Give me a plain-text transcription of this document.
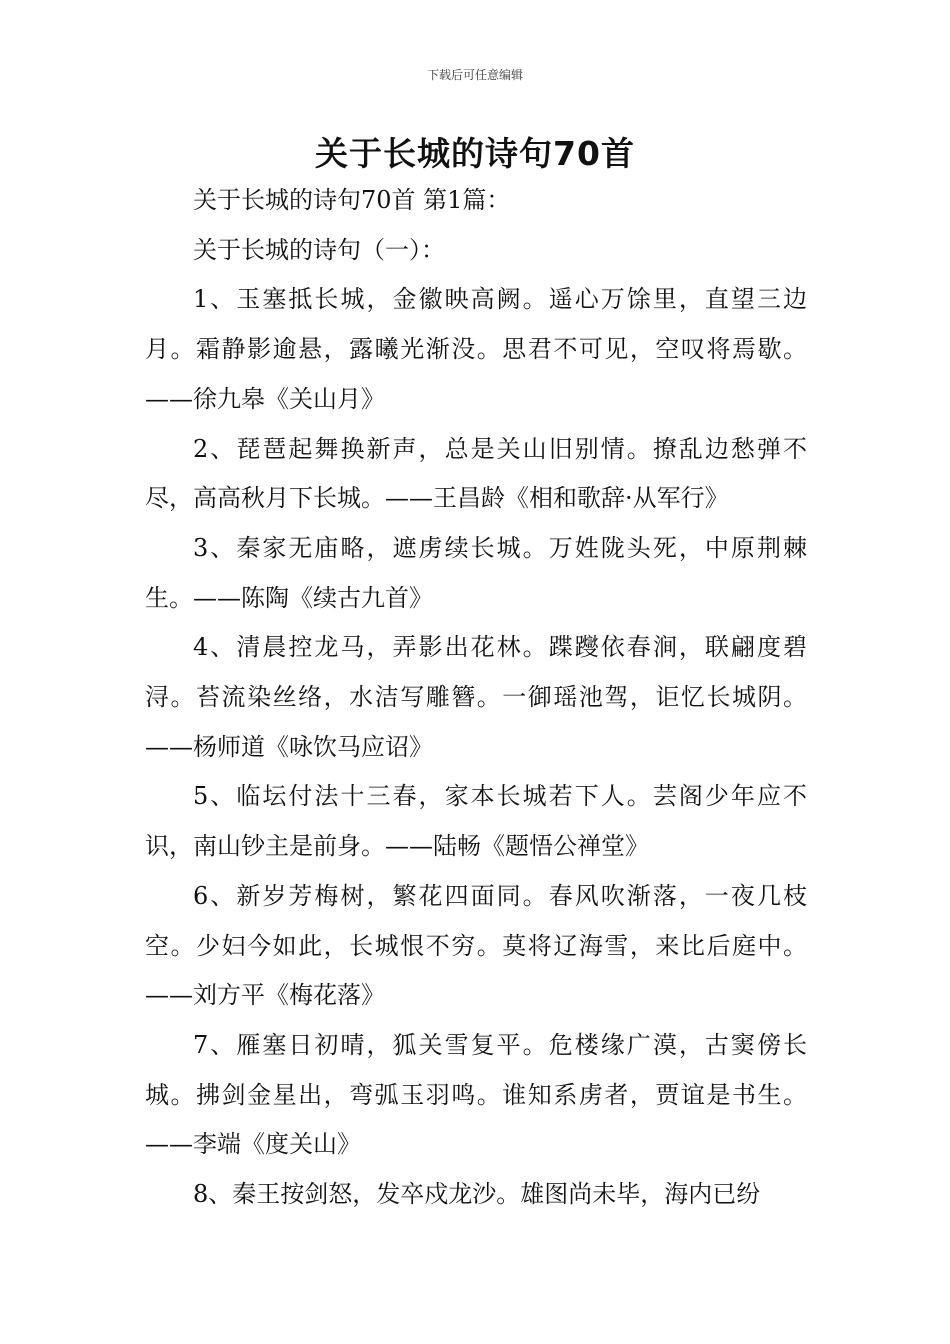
下载后可任意编辑
关于长城的诗句70首

关于长城的诗句70首 第1篇：

关于长城的诗句（一）：

1、玉塞抵长城，金徽映高阙。遥心万馀里，直望三边月。霜静影逾悬，露曦光渐没。思君不可见，空叹将焉歇。——徐九皋《关山月》

2、琵琶起舞换新声，总是关山旧别情。撩乱边愁弹不尽，高高秋月下长城。——王昌龄《相和歌辞·从军行》

3、秦家无庙略，遮虏续长城。万姓陇头死，中原荆棘生。——陈陶《续古九首》

4、清晨控龙马，弄影出花林。蹀躞依春涧，联翩度碧浔。苔流染丝络，水洁写雕簪。一御瑶池驾，讵忆长城阴。——杨师道《咏饮马应诏》

5、临坛付法十三春，家本长城若下人。芸阁少年应不识，南山钞主是前身。——陆畅《题悟公禅堂》

6、新岁芳梅树，繁花四面同。春风吹渐落，一夜几枝空。少妇今如此，长城恨不穷。莫将辽海雪，来比后庭中。——刘方平《梅花落》

7、雁塞日初晴，狐关雪复平。危楼缘广漠，古窦傍长城。拂剑金星出，弯弧玉羽鸣。谁知系虏者，贾谊是书生。——李端《度关山》

8、秦王按剑怒，发卒戍龙沙。雄图尚未毕，海内已纷
